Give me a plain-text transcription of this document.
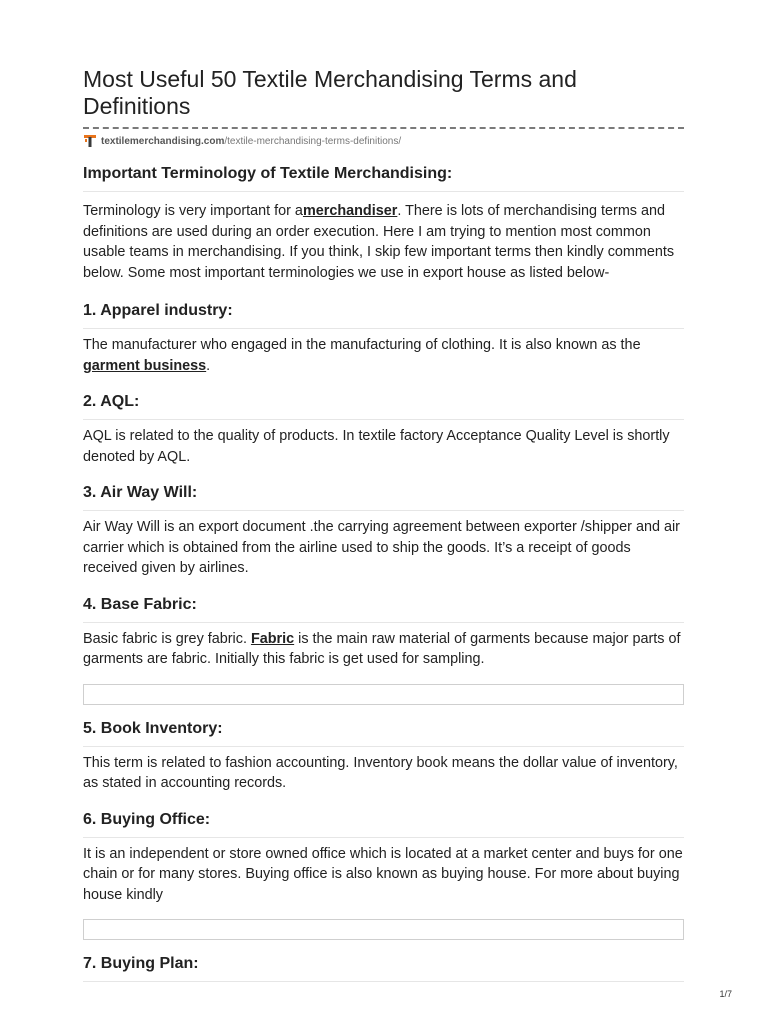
Most Useful 50 Textile Merchandising Terms and
Definitions
textilemerchandising.com /textile-merchandising-terms-definitions/
Important Terminology of Textile Merchandising:

Terminology is very important for amerchandiser. There is lots of merchandising terms and definitions are used during an order execution. Here I am trying to mention most common usable teams in merchandising. If you think, I skip few important terms then kindly comments below. Some most important terminologies we use in export house as listed below-

1. Apparel industry:

The manufacturer who engaged in the manufacturing of clothing. It is also known as the garment business.

2. AQL:

AQL is related to the quality of products. In textile factory Acceptance Quality Level is shortly denoted by AQL.

3. Air Way Will:

Air Way Will is an export document .the carrying agreement between exporter /shipper and air carrier which is obtained from the airline used to ship the goods. It’s a receipt of goods received given by airlines.

4. Base Fabric:

Basic fabric is grey fabric. Fabric is the main raw material of garments because major parts of garments are fabric. Initially this fabric is get used for sampling.

5. Book Inventory:

This term is related to fashion accounting. Inventory book means the dollar value of inventory, as stated in accounting records.

6. Buying Office:

It is an independent or store owned office which is located at a market center and buys for one chain or for many stores. Buying office is also known as buying house. For more about buying house kindly

7. Buying Plan:
1/7
